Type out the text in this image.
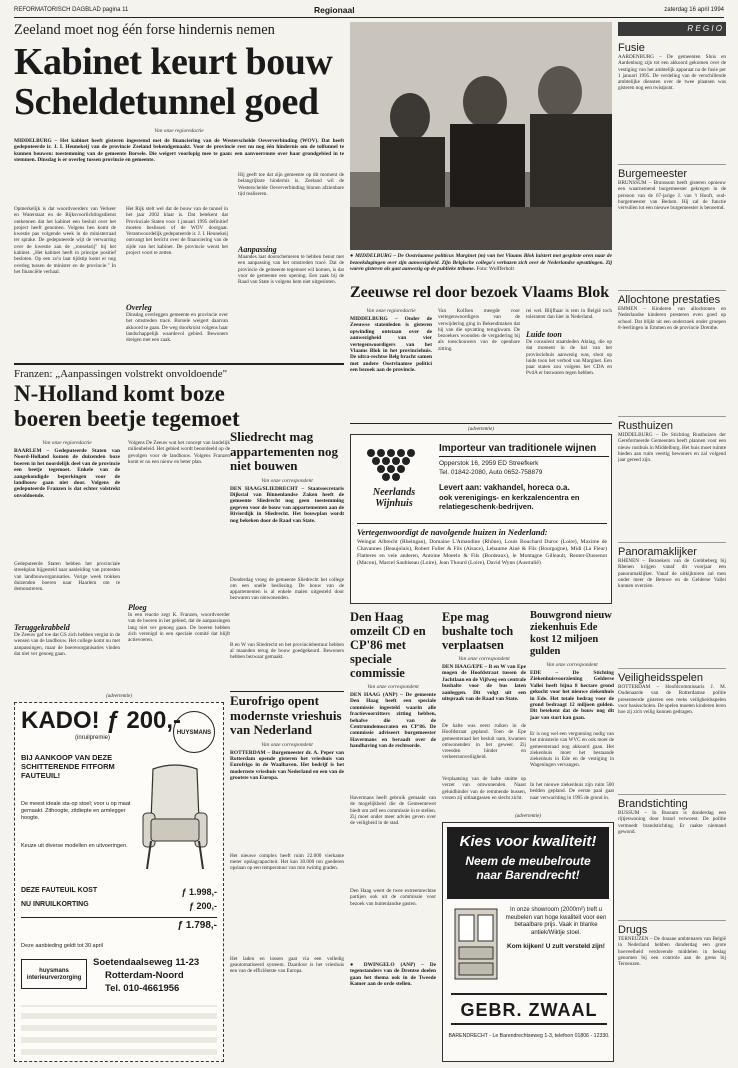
REFORMATORISCH DAGBLAD pagina 11	Regionaal	zaterdag 16 april 1994
Zeeland moet nog één forse hindernis nemen
Kabinet keurt bouw
Scheldetunnel goed
Van onze regioredactie
MIDDELBURG – Het kabinet heeft gisteren ingestemd met de financiering van de Westerschelde Oeververbinding (WOV). Dat heeft gedeputeerde ir. J. I. Heunekeij van de provincie Zeeland bekendgemaakt. Voor de provincie rest nu nog één hindernis om de tolfunnel te kunnen bouwen: toestemming van de gemeente Borsele. Die weigert voorlopig mee te gaan: een aanvoerroute over haar grondgebied in te stemmen. Dinsdag is er overleg tussen provincie en gemeente.
Opmerkelijk is dat woordvoerders van Verkeer en Waterstaat en de Rijksvoorlichtingsdienst ontkennen dat het kabinet een besluit over het project heeft genomen. Volgens hen komt de kwestie pas volgende week in de ministerraad ter sprake. De gedeputeerde wijt de verwarring over de kwestie aan de „ronselarij" bij het kabinet. „Het kabinet heeft in principe positief besloten. Op een zo'n laat tijdstip komt er nog overleg tussen de minister en de provincie." In het financiële verhaal.
Het Rijk stelt wel dat de bouw van de tunnel in het jaar 2002 klaar is. Dat betekent dat Provinciale Staten voor 1 januari 1995 definitief moeten beslissen of de WOV doorgaat. Verantwoordelijk gedeputeerde ir. J. I. Heunekeij ontvangt het bericht over de financiering van de zijde van het kabinet. De provincie wenst het project voort te zetten.
Overleg
Dinsdag overleggen gemeente en provincie over het omstreden tracé. Borsele weigert daarvan akkoord te gaan. De weg doorkruist volgens haar landschappelijk waardevol gebied. Bewoners dreigen met een zaak.
Hij geeft toe dat zijn gemeente op dit moment de belangrijkste hindernis is. Zeeland wil de Westerschelde Oeververbinding binnen afzienbare tijd realiseren.
Aanpassing
Maandes laat doorschemeren te hebben benut met een aanpassing van het omstreden tracé. Dat de provincie de gemeente tegemoet wil komen, is dat voor de gemeente een opening. Een zaak bij de Raad van State is volgens hem niet uitgesloten.
● MIDDELBURG – De Oostvlaamse politicus Marginet (m) van het Vlaams Blok luistert met gespitste oren naar de bezoekdagingen over zijn aanwezigheid. Zijn Belgische collega's verbazen zich over de Nederlandse opvattingen. Zij waren gisteren als gast aanwezig op de publieke tribune. Foto: Wolfferholt
Zeeuwse rel door bezoek Vlaams Blok
Van onze regioredactie
MIDDELBURG – Onder de Zeeuwse statenleden is gisteren opwinding ontstaan over de aanwezigheid van vier vertegenwoordigers van het Vlaams Blok in het provinciehuis. De ultra-rechtse Belg bracht samen met andere Oostvlaamse politici een bezoek aan de provincie.
Van Kolfsen meegde voor vertegenwoordigers van de verwijdering ging in Bekendmaken dat hij van die opvatting terugkwam. De bezoekers woonden de vergadering bij als toeschouwers van de openbare zitting.
rei wel. Blijfhaar is tem in België toch toleranter dan hier in Nederland.
Luide toon
De consulent staatsleden Aktiag, die op dat moment in de hal van het provinciehuis aanwezig was, sloot op luide toon het verbod van Marginet. Een paar staten zou volgens het CDA en PvdA er bezwaren tegen hebben.
R E G I O
Fusie
AARDENBURG – De gemeenten Sluis en Aardenburg zijn tot een akkoord gekomen over de vestiging van het ambtelijk apparaat na de fusie per 1 januari 1995. De verdeling van de verschillende ambtelijke diensten over de twee plaatsen was gisteren nog een twistpunt.
Burgemeester
BRUNSSUM – Brunssum heeft gisteren opnieuw een waarnemend burgemeester gekregen in de persoon van de 67-jarige J. van 't Hooft, oud-burgemeester van Bedum. Hij zal de functie vervullen tot een nieuwe burgemeester is benoemd.
Allochtone prestaties
EMMEN – Kinderen van allochtonen en Nederlandse kinderen presteren even goed op school. Dat blijkt uit een onderzoek onder groepen 8-leerlingen in Emmen en de provincie Drenthe.
Rusthuizen
MIDDELBURG – De Stichting Rusthuizen der Gereformeerde Gemeenten heeft plannen voor een nieuw rusthuis in Middelburg. Het huis moet ruimte bieden aan ruim veertig bewoners en zal volgend jaar gereed zijn.
Panoramaklijker
RHENEN – Bezoekers van de Grebbeberg bij Rhenen krijgen vanaf dit voorjaar een panoramaklijker. Vanaf de uitkijktoren zal men onder meer de Betuwe en de Gelderse Vallei kunnen overzien.
Veiligheidsspelen
ROTTERDAM – Hoofdcommissaris J. M. Oudenaarde van de Rotterdamse politie presenteerde gisteren een reeks veiligheidsspelen voor basisscholen. De spelen moeten kinderen leren hoe zij zich veilig kunnen gedragen.
Brandstichting
BUSSUM – In Bussum is donderdag een rijtjeswoning door brand verwoest. De politie vermoedt brandstichting. Er raakte niemand gewond.
Drugs
TERNEUZEN – De douane ambtenaren van België in Nederland hebben donderdag een grote hoeveelheid verdovende middelen in beslag genomen bij een controle aan de grens bij Terneuzen.
Franzen: „Aanpassingen volstrekt onvoldoende"
N-Holland komt boze
boeren beetje tegemoet
Van onze regioredactie
BAARLEM – Gedeputeerde Staten van Noord-Holland komen de duizenden boze boeren in het noordelijk deel van de provincie een beetje tegemoet. Enkele van de aangekondigde beperkingen voor de landbouw gaan niet door. Volgens de gedeputeerde Franzen is dat echter volstrekt onvoldoende.
Gedeputeerde Staten hebben het provinciale streekplan bijgesteld naar aanleiding van protesten van landbouworganisaties. Vorige week trokken duizenden boeren naar Haarlem om te demonstreren.
Teruggekrabbeld
De Zeeuw gaf toe dat GS zich hebben vergist in de wensen van de landbouw. Het college komt nu met aanpassingen, maar de boerenorganisaties vinden dat niet ver genoeg gaan.
Volgens De Zeeuw wat het concept van landelijk milieubeleid. Het gebied wordt beoordeeld op de gevolgen voor de landbouw. Volgens Franzen komt er nu een nieuw en beter plan.
Ploeg
In een reactie zegt K. Franzen, woordvoerder van de boeren in het gebied, dat de aanpassingen lang niet ver genoeg gaan. De boeren hebben zich verenigd in een speciale comité dat blijft actievoeren.
Sliedrecht mag appartementen nog niet bouwen
Van onze correspondent
DEN HAAG/SLIEDRECHT – Staatssecretaris Dijkstal van Binnenlandse Zaken heeft de gemeente Sliedrecht nog geen toestemming gegeven voor de bouw van appartementen aan de Rivierdijk in Sliedrecht. Het bouwplan wordt nog bekeken door de Raad van State.
Donderdag vroeg de gemeente Sliedrecht het college om een snelle beslissing. De bouw van de appartementen is al enkele malen uitgesteld door bezwaren van omwonenden.
B en W van Sliedrecht en het provinciebestuur hebben al maanden terug de bouw goedgekeurd. Bewoners hebben bezwaar gemaakt.
Eurofrigo opent modernste vrieshuis van Nederland
Van onze correspondent
ROTTERDAM – Burgemeester dr. A. Peper van Rotterdam opende gisteren het vrieshuis van Eurofrigo in de Waalhaven. Het bedrijf is het modernste vrieshuis van Nederland en een van de grootste van Europa.
Het nieuwe complex heeft ruim 22.000 vierkante meter opslagcapaciteit. Het kan 30.000 ton goederen opslaan op een temperatuur van min twintig graden.
Het laden en lossen gaat via een volledig geautomatiseerd systeem. Daardoor is het vrieshuis een van de efficiëntste van Europa.
(advertentie)
KADO! ƒ 200,-
(inruilpremie)
HUYSMANS
BIJ AANKOOP VAN DEZE SCHITTERENDE FITFORM FAUTEUIL!
De meest ideale sta-op stoel; voor u op maat gemaakt. Zithoogte, zitdiepte en armlegger hoogte.
Keuze uit diverse modellen en uitvoeringen.
DEZE FAUTEUIL KOST	ƒ 1.998,-
NU INRUILKORTING	ƒ 200,-
ƒ 1.798,-
Deze aanbieding geldt tot 30 april
huysmans interieurverzorging
Soetendaalseweg 11-23
Rotterdam-Noord
Tel. 010-4661956
(advertentie)
Neerlands Wijnhuis
Importeur van traditionele wijnen
Opperstok 16, 2959 ED Streefkerk
Tel. 01842-2080, Auto 0652-758879
Levert aan: vakhandel, horeca o.a.
ook verenigings- en kerkzalencentra en relatiegeschenk-bedrijven.
Vertegenwoordigt de navolgende huizen in Nederland:
Weingut Albrecht (Rheingau), Domaine L'Amandine (Rhône), Louis Bouchard Duroc (Loire), Maxime de Chavannes (Beaujolais), Robert Fuller & Fils (Alsace), Lebaume Ainé & Fils (Bourgogne), Midi (La Fleur) Flatteres en vele anderen, Antoine Moeelo & Fils (Bordeaux), le Montagne Gilleault, Reuter-Dussenot (Macon), Marcel Saubiseau (Loire), Jean Thourd (Loire), David Wynn (Australië)
Den Haag omzeilt CD en CP'86 met speciale commissie
Van onze correspondent
DEN HAAG (ANP) – De gemeente Den Haag heeft een speciale commissie ingesteld waarin alle fractievoorzitters zitting hebben, behalve die van de Centrumdemocraten en CP'86. De commissie adviseert burgemeester Havermans en beraadt over de handhaving van de rechtsorde.
Havermans heeft gebruik gemaakt van de mogelijkheid die de Gemeentewet biedt om zelf een commissie in te stellen. Zij moet onder meer advies geven over de veiligheid in de stad.
Den Haag weert de twee extreemrechtse partijen ook uit de commissie voor bezoek van buitenlandse gasten.
● DWINGELO (ANP) – De tegenstanders van de Drentse doelen gaan het thema ook in de Tweede Kamer aan de orde stellen.
Epe mag bushalte toch verplaatsen
Van onze correspondent
DEN HAAG/EPE – B en W van Epe mogen de Hoofdstraat tussen de Jachtlaan en de Vijfweg een centrale bushalte voor de bus laten aanleggen. Dit volgt uit een uitspraak van de Raad van State.
De halte was eerst ruiken in de Hoofdstraat gepland. Toen de Epe gemeenteraad het besluit nam, kwamen omwonenden in het geweer. Zij vreesden hinder en verkeersonveiligheid.
Verplaatsing van de halte stuitte op verzet van omwonenden. Naast geluidhinder van de remmende bussen, vrezen zij uitlaatgassen en slecht zicht.
Bouwgrond nieuw ziekenhuis Ede kost 12 miljoen gulden
Van onze correspondent
EDE – De Stichting Ziekenhuisvoorziening Gelderse Vallei heeft bijna 8 hectare grond gekocht voor het nieuwe ziekenhuis in Ede. Het totale bedrag voor de grond bedraagt 12 miljoen gulden. Dit betekent dat de bouw nog dit jaar van start kan gaan.
Er is nog wel een vergunning nodig van het ministerie van WVC en ook moet de gemeenteraad nog akkoord gaan. Het ziekenhuis moet het bestaande ziekenhuis in Ede en de vestiging in Wageningen vervangen.
In het nieuwe ziekenhuis zijn ruim 500 bedden gepland. De eerste paal gaat naar verwachting in 1995 de grond in.
(advertentie)
Kies voor kwaliteit!
Neem de meubelroute naar Barendrecht!
In onze showroom (2000m²) treft u meubelen van hoge kwaliteit voor een betaalbare prijs. Vaak in blanke antiek/Wiktje stoel.
Kom kijken! U zult versteld zijn!
GEBR. ZWAAL
BARENDRECHT - Le Barendrechtseweg 1-3, telefoon 01806 - 12330.
